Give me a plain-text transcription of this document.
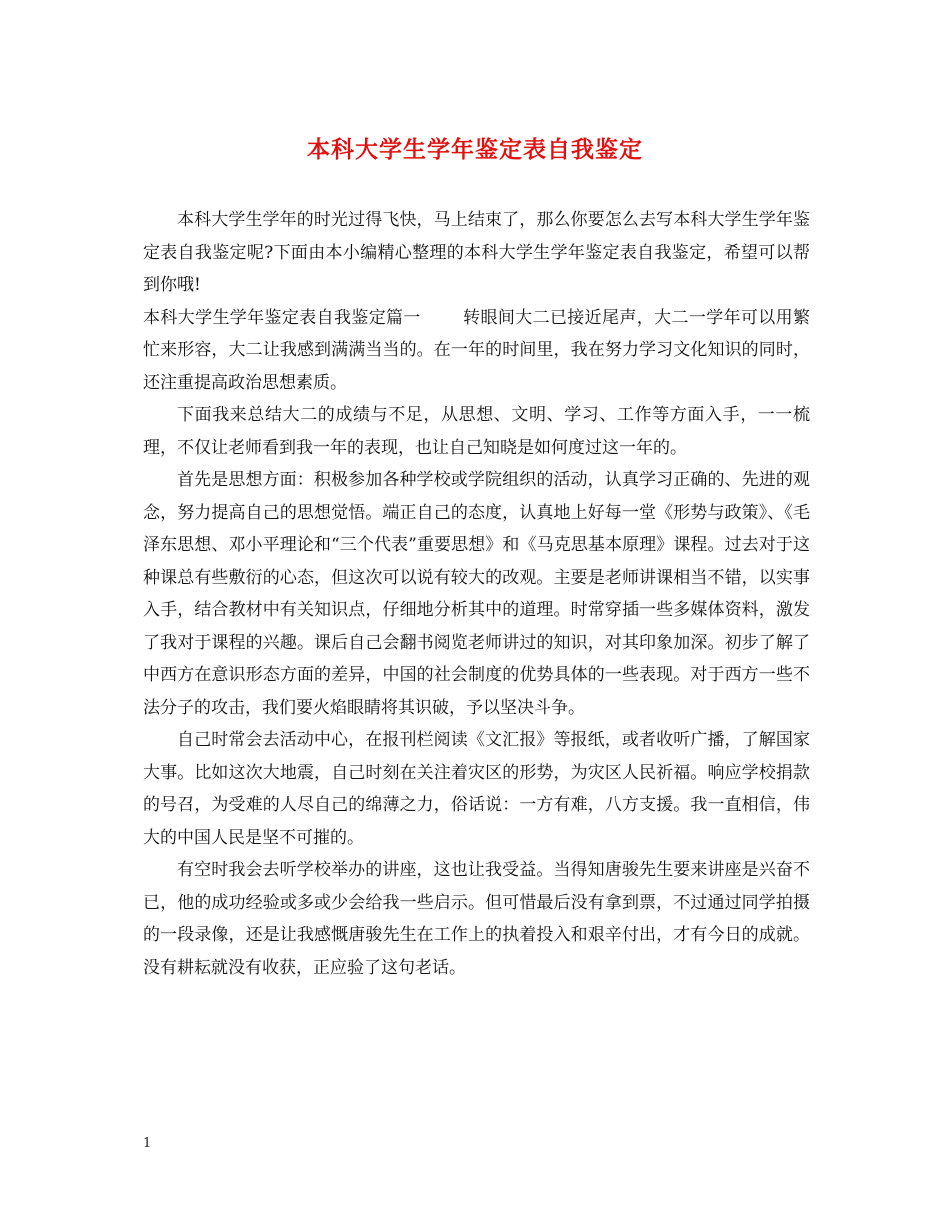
本科大学生学年鉴定表自我鉴定

本科大学生学年的时光过得飞快，马上结束了，那么你要怎么去写本科大学生学年鉴定表自我鉴定呢?下面由本小编精心整理的本科大学生学年鉴定表自我鉴定，希望可以帮到你哦!

本科大学生学年鉴定表自我鉴定篇一 转眼间大二已接近尾声，大二一学年可以用繁忙来形容，大二让我感到满满当当的。在一年的时间里，我在努力学习文化知识的同时，还注重提高政治思想素质。

下面我来总结大二的成绩与不足，从思想、文明、学习、工作等方面入手，一一梳理，不仅让老师看到我一年的表现，也让自己知晓是如何度过这一年的。

首先是思想方面：积极参加各种学校或学院组织的活动，认真学习正确的、先进的观念，努力提高自己的思想觉悟。端正自己的态度，认真地上好每一堂《形势与政策》、《毛泽东思想、邓小平理论和“三个代表”重要思想》和《马克思基本原理》课程。过去对于这种课总有些敷衍的心态，但这次可以说有较大的改观。主要是老师讲课相当不错，以实事入手，结合教材中有关知识点，仔细地分析其中的道理。时常穿插一些多媒体资料，激发了我对于课程的兴趣。课后自己会翻书阅览老师讲过的知识，对其印象加深。初步了解了中西方在意识形态方面的差异，中国的社会制度的优势具体的一些表现。对于西方一些不法分子的攻击，我们要火焰眼睛将其识破，予以坚决斗争。

自己时常会去活动中心，在报刊栏阅读《文汇报》等报纸，或者收听广播，了解国家大事。比如这次大地震，自己时刻在关注着灾区的形势，为灾区人民祈福。响应学校捐款的号召，为受难的人尽自己的绵薄之力，俗话说：一方有难，八方支援。我一直相信，伟大的中国人民是坚不可摧的。

有空时我会去听学校举办的讲座，这也让我受益。当得知唐骏先生要来讲座是兴奋不已，他的成功经验或多或少会给我一些启示。但可惜最后没有拿到票，不过通过同学拍摄的一段录像，还是让我感慨唐骏先生在工作上的执着投入和艰辛付出，才有今日的成就。没有耕耘就没有收获，正应验了这句老话。

1
